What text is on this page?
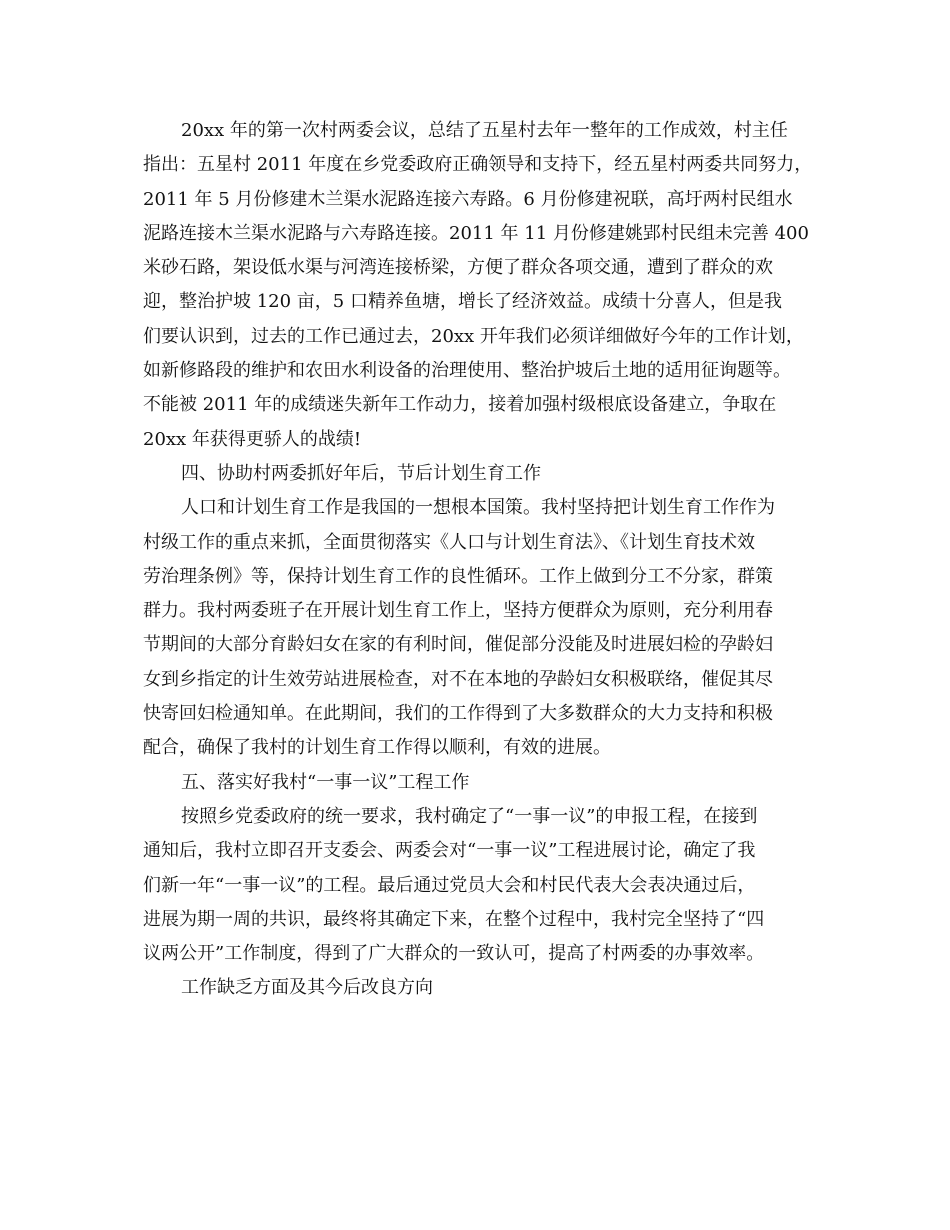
20xx 年的第一次村两委会议，总结了五星村去年一整年的工作成效，村主任
指出：五星村 2011 年度在乡党委政府正确领导和支持下，经五星村两委共同努力，
2011 年 5 月份修建木兰渠水泥路连接六寿路。6 月份修建祝联，高圩两村民组水
泥路连接木兰渠水泥路与六寿路连接。2011 年 11 月份修建姚郢村民组未完善 400
米砂石路，架设低水渠与河湾连接桥梁，方便了群众各项交通，遭到了群众的欢
迎，整治护坡 120 亩，5 口精养鱼塘，增长了经济效益。成绩十分喜人，但是我
们要认识到，过去的工作已通过去，20xx 开年我们必须详细做好今年的工作计划，
如新修路段的维护和农田水利设备的治理使用、整治护坡后土地的适用征询题等。
不能被 2011 年的成绩迷失新年工作动力，接着加强村级根底设备建立，争取在
20xx 年获得更骄人的战绩!
四、协助村两委抓好年后，节后计划生育工作
人口和计划生育工作是我国的一想根本国策。我村坚持把计划生育工作作为
村级工作的重点来抓，全面贯彻落实《人口与计划生育法》、《计划生育技术效
劳治理条例》等，保持计划生育工作的良性循环。工作上做到分工不分家，群策
群力。我村两委班子在开展计划生育工作上，坚持方便群众为原则，充分利用春
节期间的大部分育龄妇女在家的有利时间，催促部分没能及时进展妇检的孕龄妇
女到乡指定的计生效劳站进展检查，对不在本地的孕龄妇女积极联络，催促其尽
快寄回妇检通知单。在此期间，我们的工作得到了大多数群众的大力支持和积极
配合，确保了我村的计划生育工作得以顺利，有效的进展。
五、落实好我村“一事一议”工程工作
按照乡党委政府的统一要求，我村确定了“一事一议”的申报工程，在接到
通知后，我村立即召开支委会、两委会对“一事一议”工程进展讨论，确定了我
们新一年“一事一议”的工程。最后通过党员大会和村民代表大会表决通过后，
进展为期一周的共识，最终将其确定下来，在整个过程中，我村完全坚持了“四
议两公开”工作制度，得到了广大群众的一致认可，提高了村两委的办事效率。
工作缺乏方面及其今后改良方向
